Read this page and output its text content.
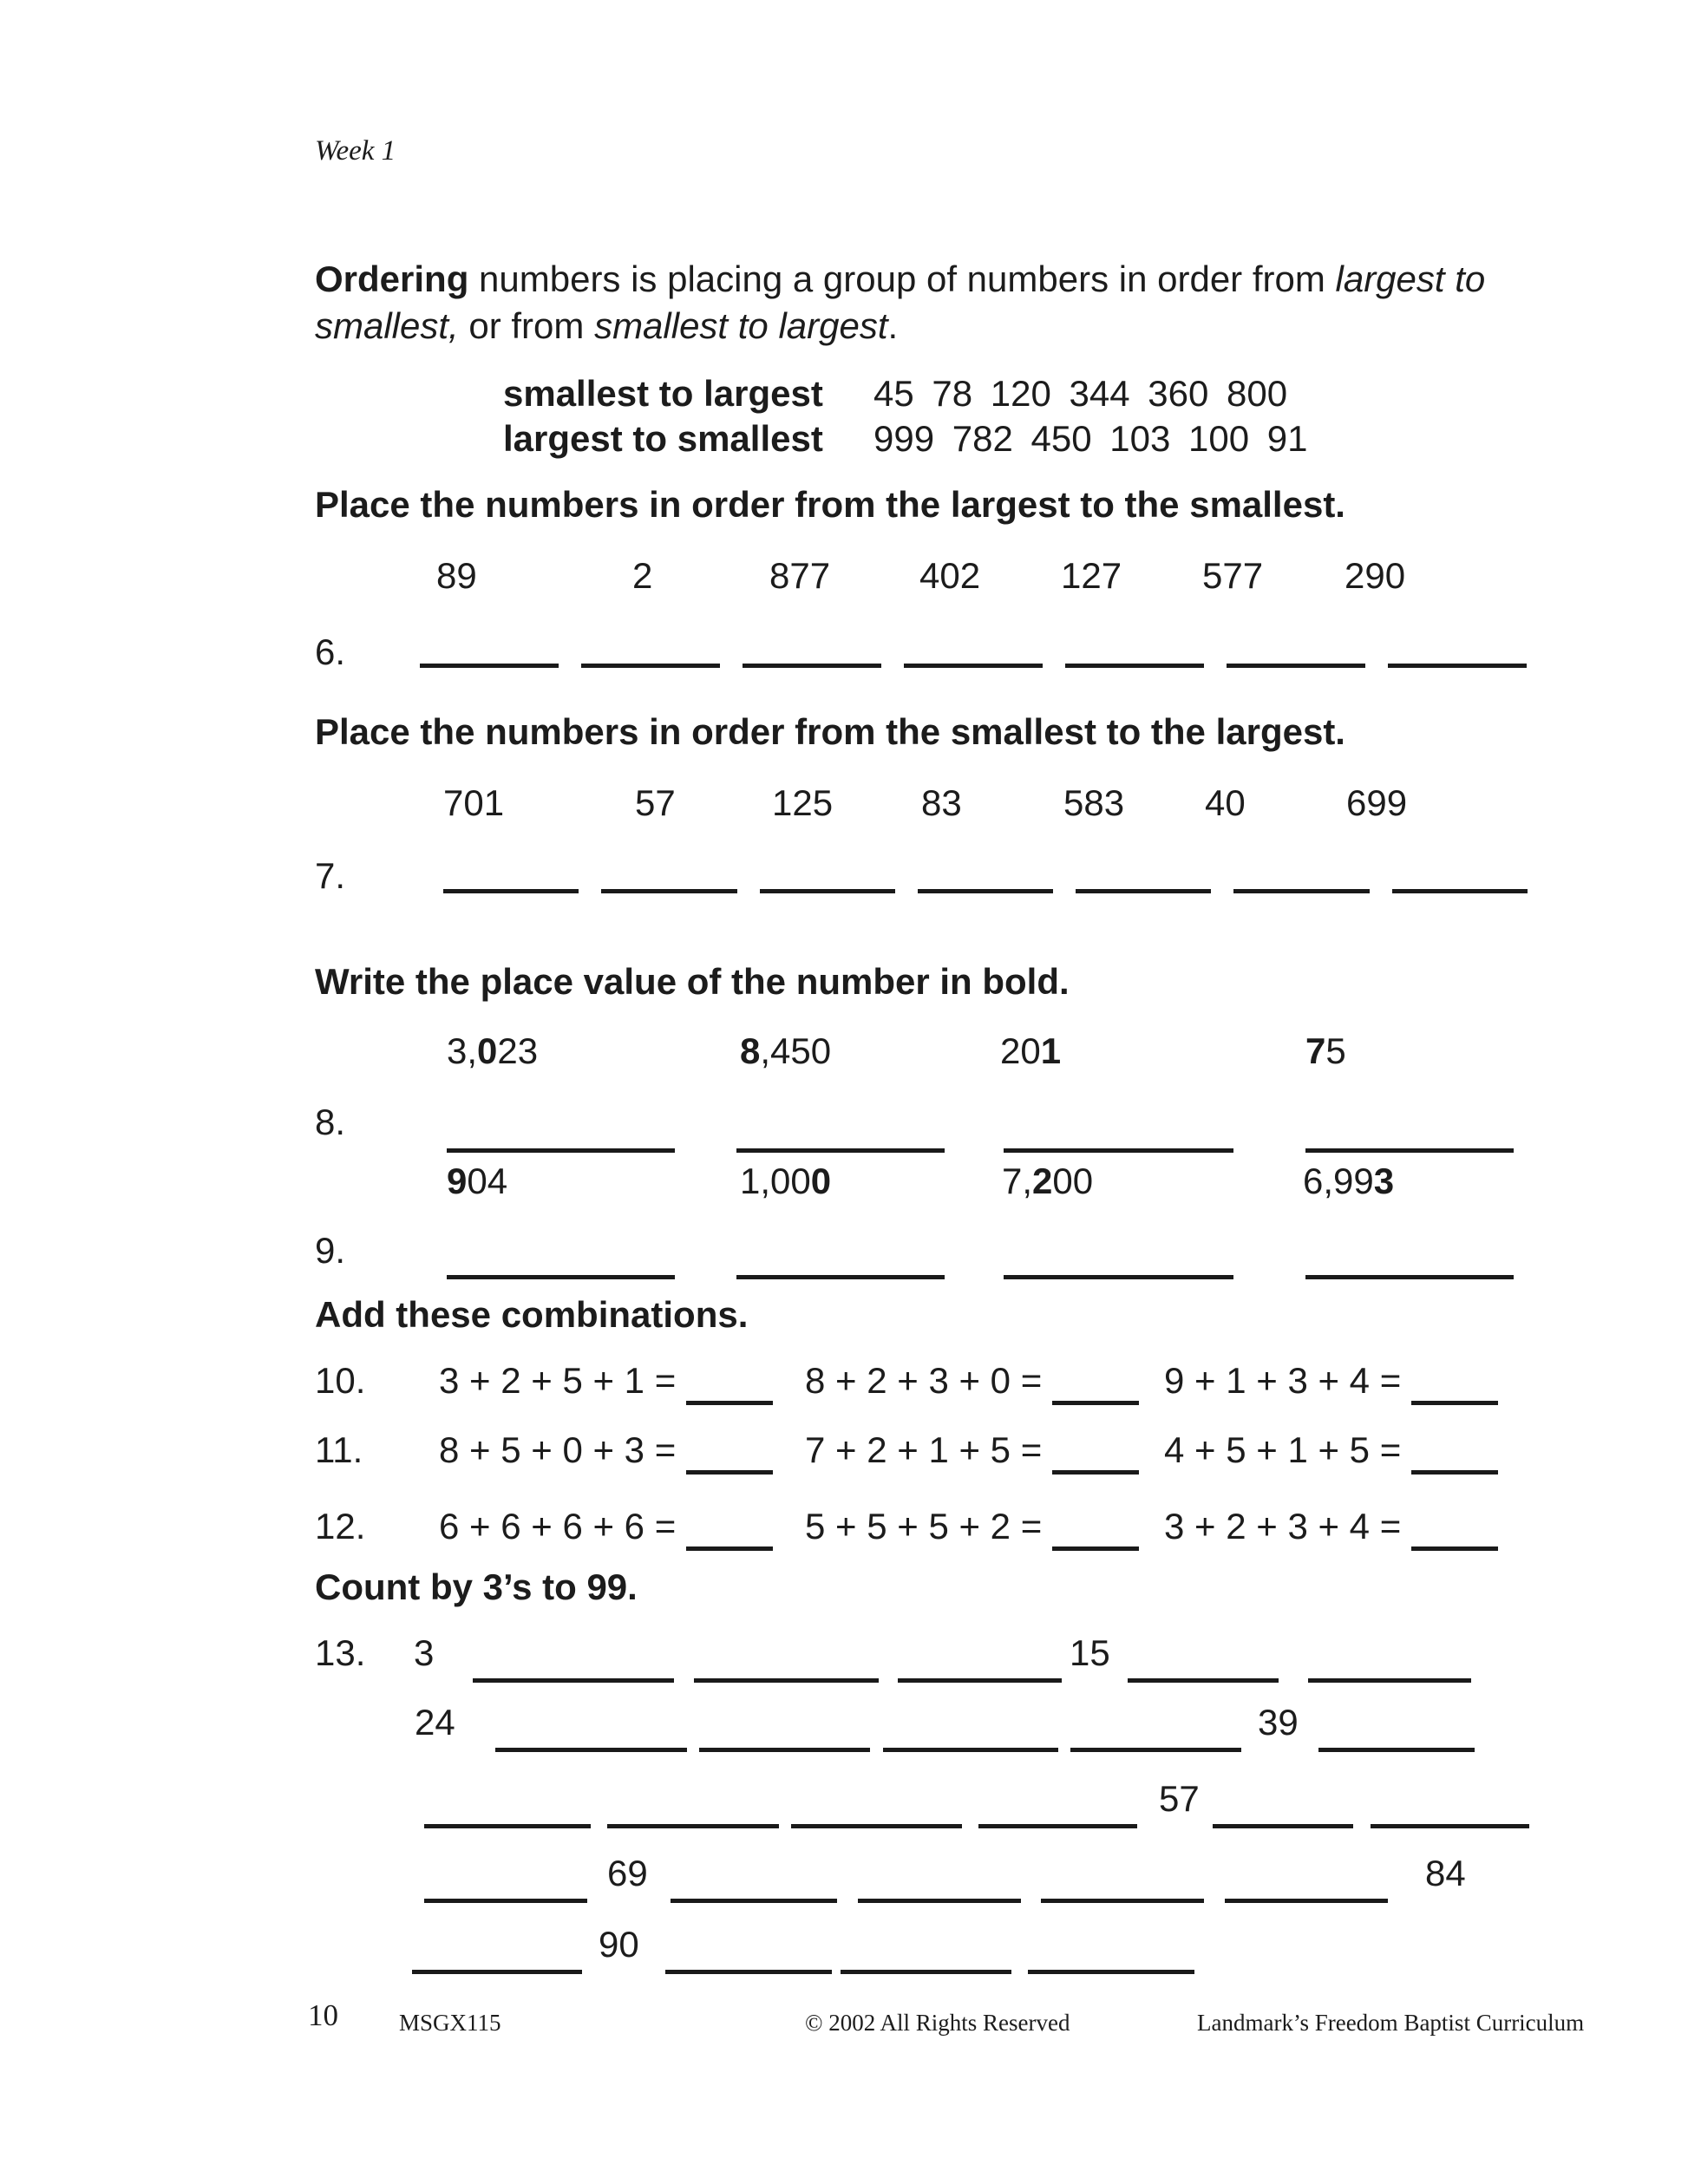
Week 1
Ordering numbers is placing a group of numbers in order from largest to
smallest, or from smallest to largest.
smallest to largest 45 78 120 344 360 800
largest to smallest 999 782 450 103 100 91
Place the numbers in order from the largest to the smallest.
89	2	877 402 127 577 290
6.
Place the numbers in order from the smallest to the largest.
701	57	125 83	583 40	699
7.
Write the place value of the number in bold.
3,023	8,450	201	75
8.
904	1,000	7,200	6,993
9.
Add these combinations.
10. 3 + 2 + 5 + 1 =	8 + 2 + 3 + 0 =	9 + 1 + 3 + 4 =
11. 8 + 5 + 0 + 3 =	7 + 2 + 1 + 5 =	4 + 5 + 1 + 5 =
12. 6 + 6 + 6 + 6 =	5 + 5 + 5 + 2 =	3 + 2 + 3 + 4 =
Count by 3’s to 99.
13. 3	15
24	39
57
69	84
90
10	MSGX115	© 2002 All Rights Reserved	Landmark’s Freedom Baptist Curriculum
